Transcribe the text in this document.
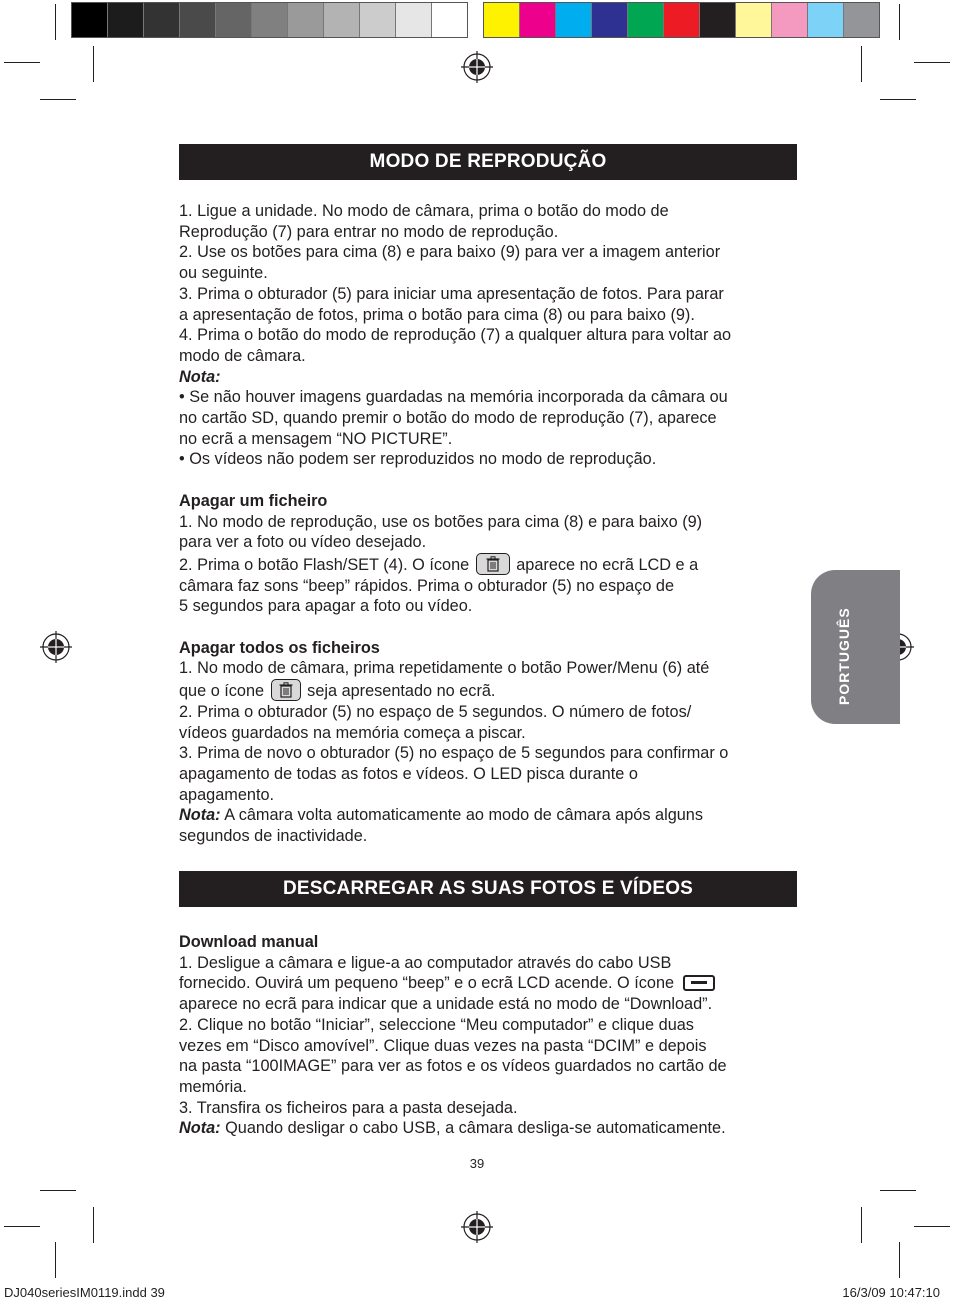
MODO DE REPRODUÇÃO

1. Ligue a unidade. No modo de câmara, prima o botão do modo de

Reprodução (7) para entrar no modo de reprodução.

2. Use os botões para cima (8) e para baixo (9) para ver a imagem anterior

ou seguinte.

3. Prima o obturador (5) para iniciar uma apresentação de fotos. Para parar

a apresentação de fotos, prima o botão para cima (8) ou para baixo (9).

4. Prima o botão do modo de reprodução (7) a qualquer altura para voltar ao

modo de câmara.

Nota:

• Se não houver imagens guardadas na memória incorporada da câmara ou

no cartão SD, quando premir o botão do modo de reprodução (7), aparece

no ecrã a mensagem “NO PICTURE”.

• Os vídeos não podem ser reproduzidos no modo de reprodução.

Apagar um ficheiro

1. No modo de reprodução, use os botões para cima (8) e para baixo (9)

para ver a foto ou vídeo desejado.

2. Prima o botão Flash/SET (4). O ícone	aparece no ecrã LCD e a

câmara faz sons “beep” rápidos. Prima o obturador (5) no espaço de

5 segundos para apagar a foto ou vídeo.

Apagar todos os ficheiros

1. No modo de câmara, prima repetidamente o botão Power/Menu (6) até

que o ícone	seja apresentado no ecrã.

2. Prima o obturador (5) no espaço de 5 segundos. O número de fotos/

vídeos guardados na memória começa a piscar.

3. Prima de novo o obturador (5) no espaço de 5 segundos para confirmar o

apagamento de todas as fotos e vídeos. O LED pisca durante o

apagamento.

Nota: A câmara volta automaticamente ao modo de câmara após alguns

segundos de inactividade.

DESCARREGAR AS SUAS FOTOS E VÍDEOS

Download manual

1. Desligue a câmara e ligue-a ao computador através do cabo USB

fornecido. Ouvirá um pequeno “beep” e o ecrã LCD acende. O ícone

aparece no ecrã para indicar que a unidade está no modo de “Download”.

2. Clique no botão “Iniciar”, seleccione “Meu computador” e clique duas

vezes em “Disco amovível”. Clique duas vezes na pasta “DCIM” e depois

na pasta “100IMAGE” para ver as fotos e os vídeos guardados no cartão de

memória.

3. Transfira os ficheiros para a pasta desejada.

Nota: Quando desligar o cabo USB, a câmara desliga-se automaticamente.

PORTUGUÊS
39
DJ040seriesIM0119.indd 39	16/3/09 10:47:10
